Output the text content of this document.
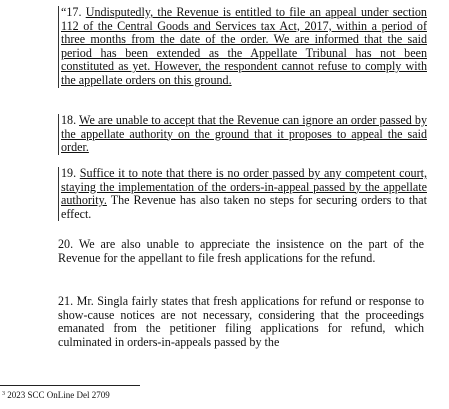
“17. Undisputedly, the Revenue is entitled to file an appeal under section 112 of the Central Goods and Services tax Act, 2017, within a period of three months from the date of the order. We are informed that the said period has been extended as the Appellate Tribunal has not been constituted as yet. However, the respondent cannot refuse to comply with the appellate orders on this ground.

18. We are unable to accept that the Revenue can ignore an order passed by the appellate authority on the ground that it proposes to appeal the said order.

19. Suffice it to note that there is no order passed by any competent court, staying the implementation of the orders-in-appeal passed by the appellate authority. The Revenue has also taken no steps for securing orders to that effect.

20. We are also unable to appreciate the insistence on the part of the Revenue for the appellant to file fresh applications for the refund.

21. Mr. Singla fairly states that fresh applications for refund or response to show-cause notices are not necessary, considering that the proceedings emanated from the petitioner filing applications for refund, which culminated in orders-in-appeals passed by the

$^3$ 2023 SCC OnLine Del 2709
